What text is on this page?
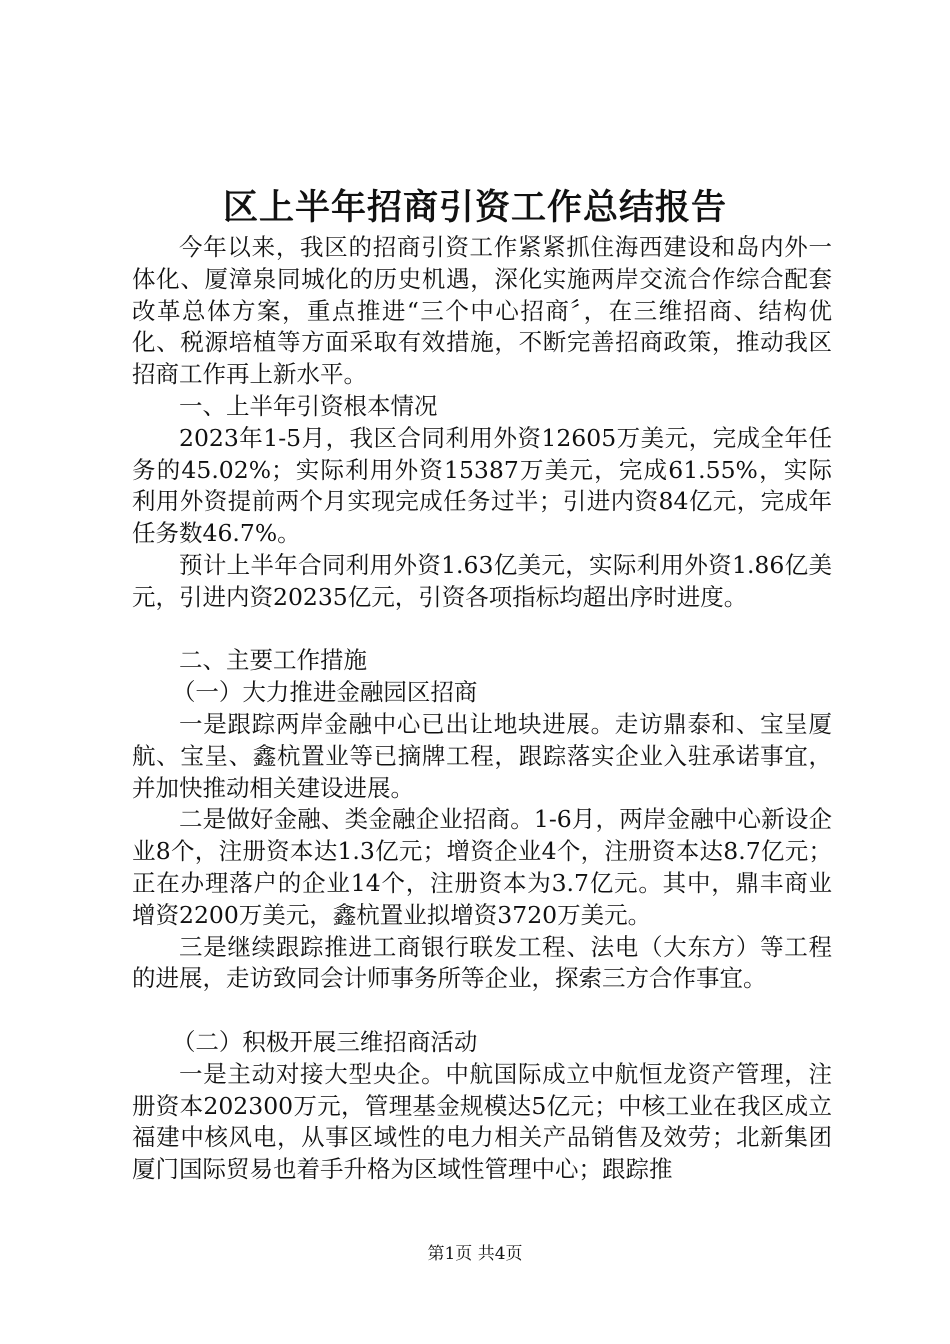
区上半年招商引资工作总结报告

今年以来，我区的招商引资工作紧紧抓住海西建设和岛内外一体化、厦漳泉同城化的历史机遇，深化实施两岸交流合作综合配套改革总体方案，重点推进“三个中心招商〞，在三维招商、结构优化、税源培植等方面采取有效措施，不断完善招商政策，推动我区招商工作再上新水平。

一、上半年引资根本情况

2023年1-5月，我区合同利用外资12605万美元，完成全年任务的45.02%；实际利用外资15387万美元，完成61.55%，实际利用外资提前两个月实现完成任务过半；引进内资84亿元，完成年任务数46.7%。

预计上半年合同利用外资1.63亿美元，实际利用外资1.86亿美元，引进内资20235亿元，引资各项指标均超出序时进度。

二、主要工作措施

（一）大力推进金融园区招商

一是跟踪两岸金融中心已出让地块进展。走访鼎泰和、宝呈厦航、宝呈、鑫杭置业等已摘牌工程，跟踪落实企业入驻承诺事宜，并加快推动相关建设进展。

二是做好金融、类金融企业招商。1-6月，两岸金融中心新设企业8个，注册资本达1.3亿元；增资企业4个，注册资本达8.7亿元；正在办理落户的企业14个，注册资本为3.7亿元。其中，鼎丰商业增资2200万美元，鑫杭置业拟增资3720万美元。

三是继续跟踪推进工商银行联发工程、法电（大东方）等工程的进展，走访致同会计师事务所等企业，探索三方合作事宜。

（二）积极开展三维招商活动

一是主动对接大型央企。中航国际成立中航恒龙资产管理，注册资本202300万元，管理基金规模达5亿元；中核工业在我区成立福建中核风电，从事区域性的电力相关产品销售及效劳；北新集团厦门国际贸易也着手升格为区域性管理中心；跟踪推

第1页 共4页
